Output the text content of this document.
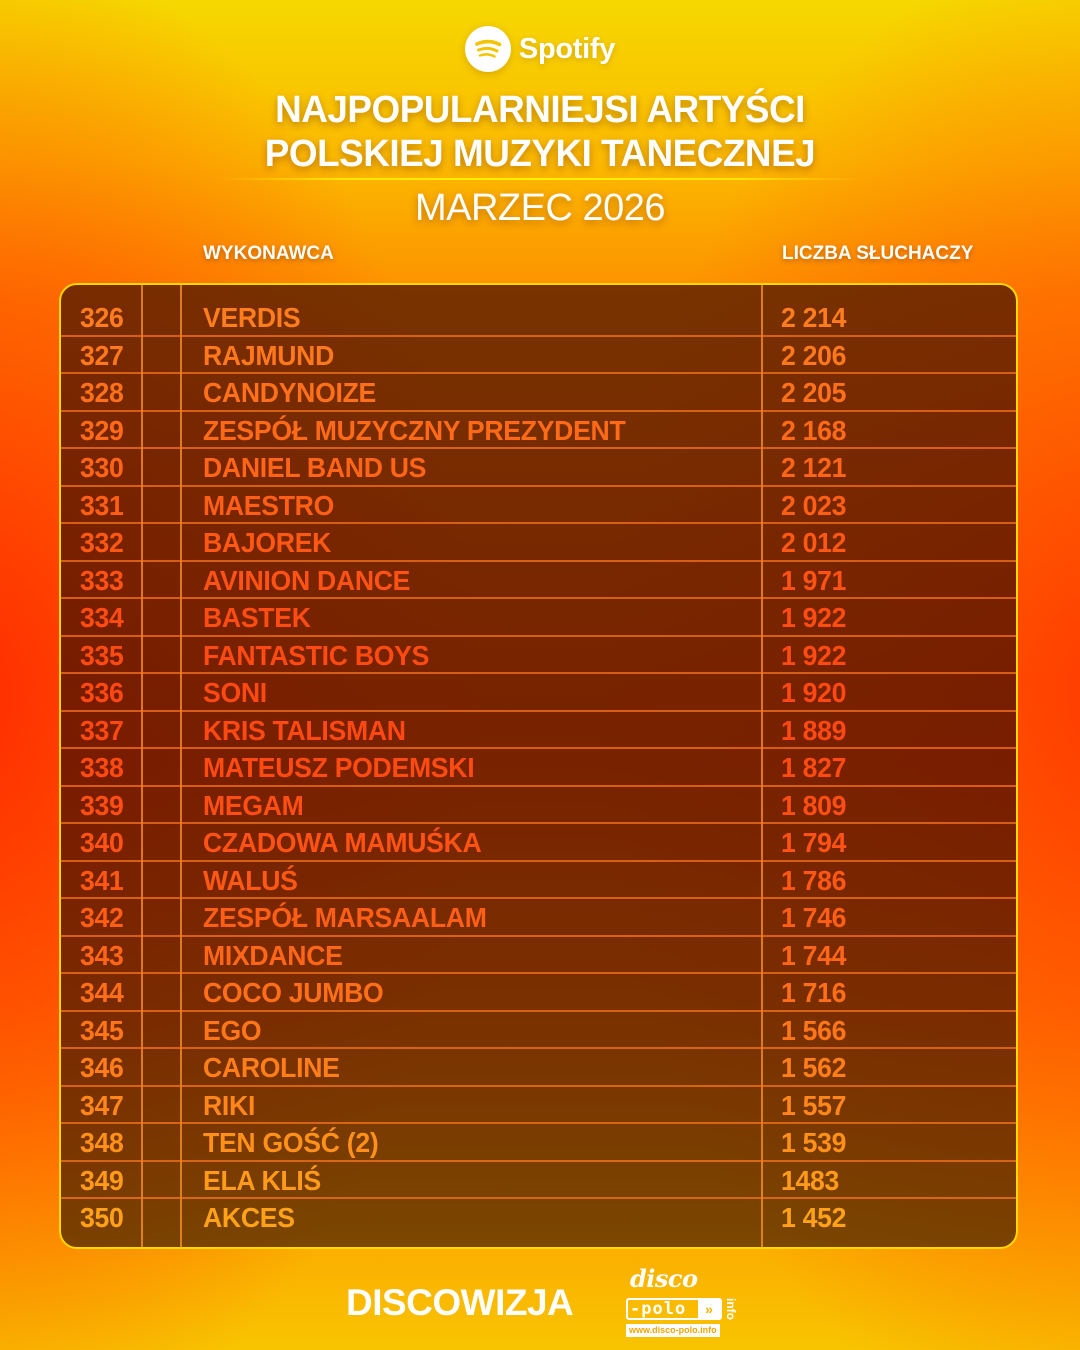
Spotify
NAJPOPULARNIEJSI ARTYŚCI
POLSKIEJ MUZYKI TANECZNEJ
MARZEC 2026
WYKONAWCA	LICZBA SŁUCHACZY
326	VERDIS	2 214
327	RAJMUND	2 206
328	CANDYNOIZE	2 205
329	ZESPÓŁ MUZYCZNY PREZYDENT	2 168
330	DANIEL BAND US	2 121
331	MAESTRO	2 023
332	BAJOREK	2 012
333	AVINION DANCE	1 971
334	BASTEK	1 922
335	FANTASTIC BOYS	1 922
336	SONI	1 920
337	KRIS TALISMAN	1 889
338	MATEUSZ PODEMSKI	1 827
339	MEGAM	1 809
340	CZADOWA MAMUŚKA	1 794
341	WALUŚ	1 786
342	ZESPÓŁ MARSAALAM	1 746
343	MIXDANCE	1 744
344	COCO JUMBO	1 716
345	EGO	1 566
346	CAROLINE	1 562
347	RIKI	1 557
348	TEN GOŚĆ (2)	1 539
349	ELA KLIŚ	1483
350	AKCES	1 452
DISCOWIZJA
disco
-polo	» info
www.disco-polo.info
